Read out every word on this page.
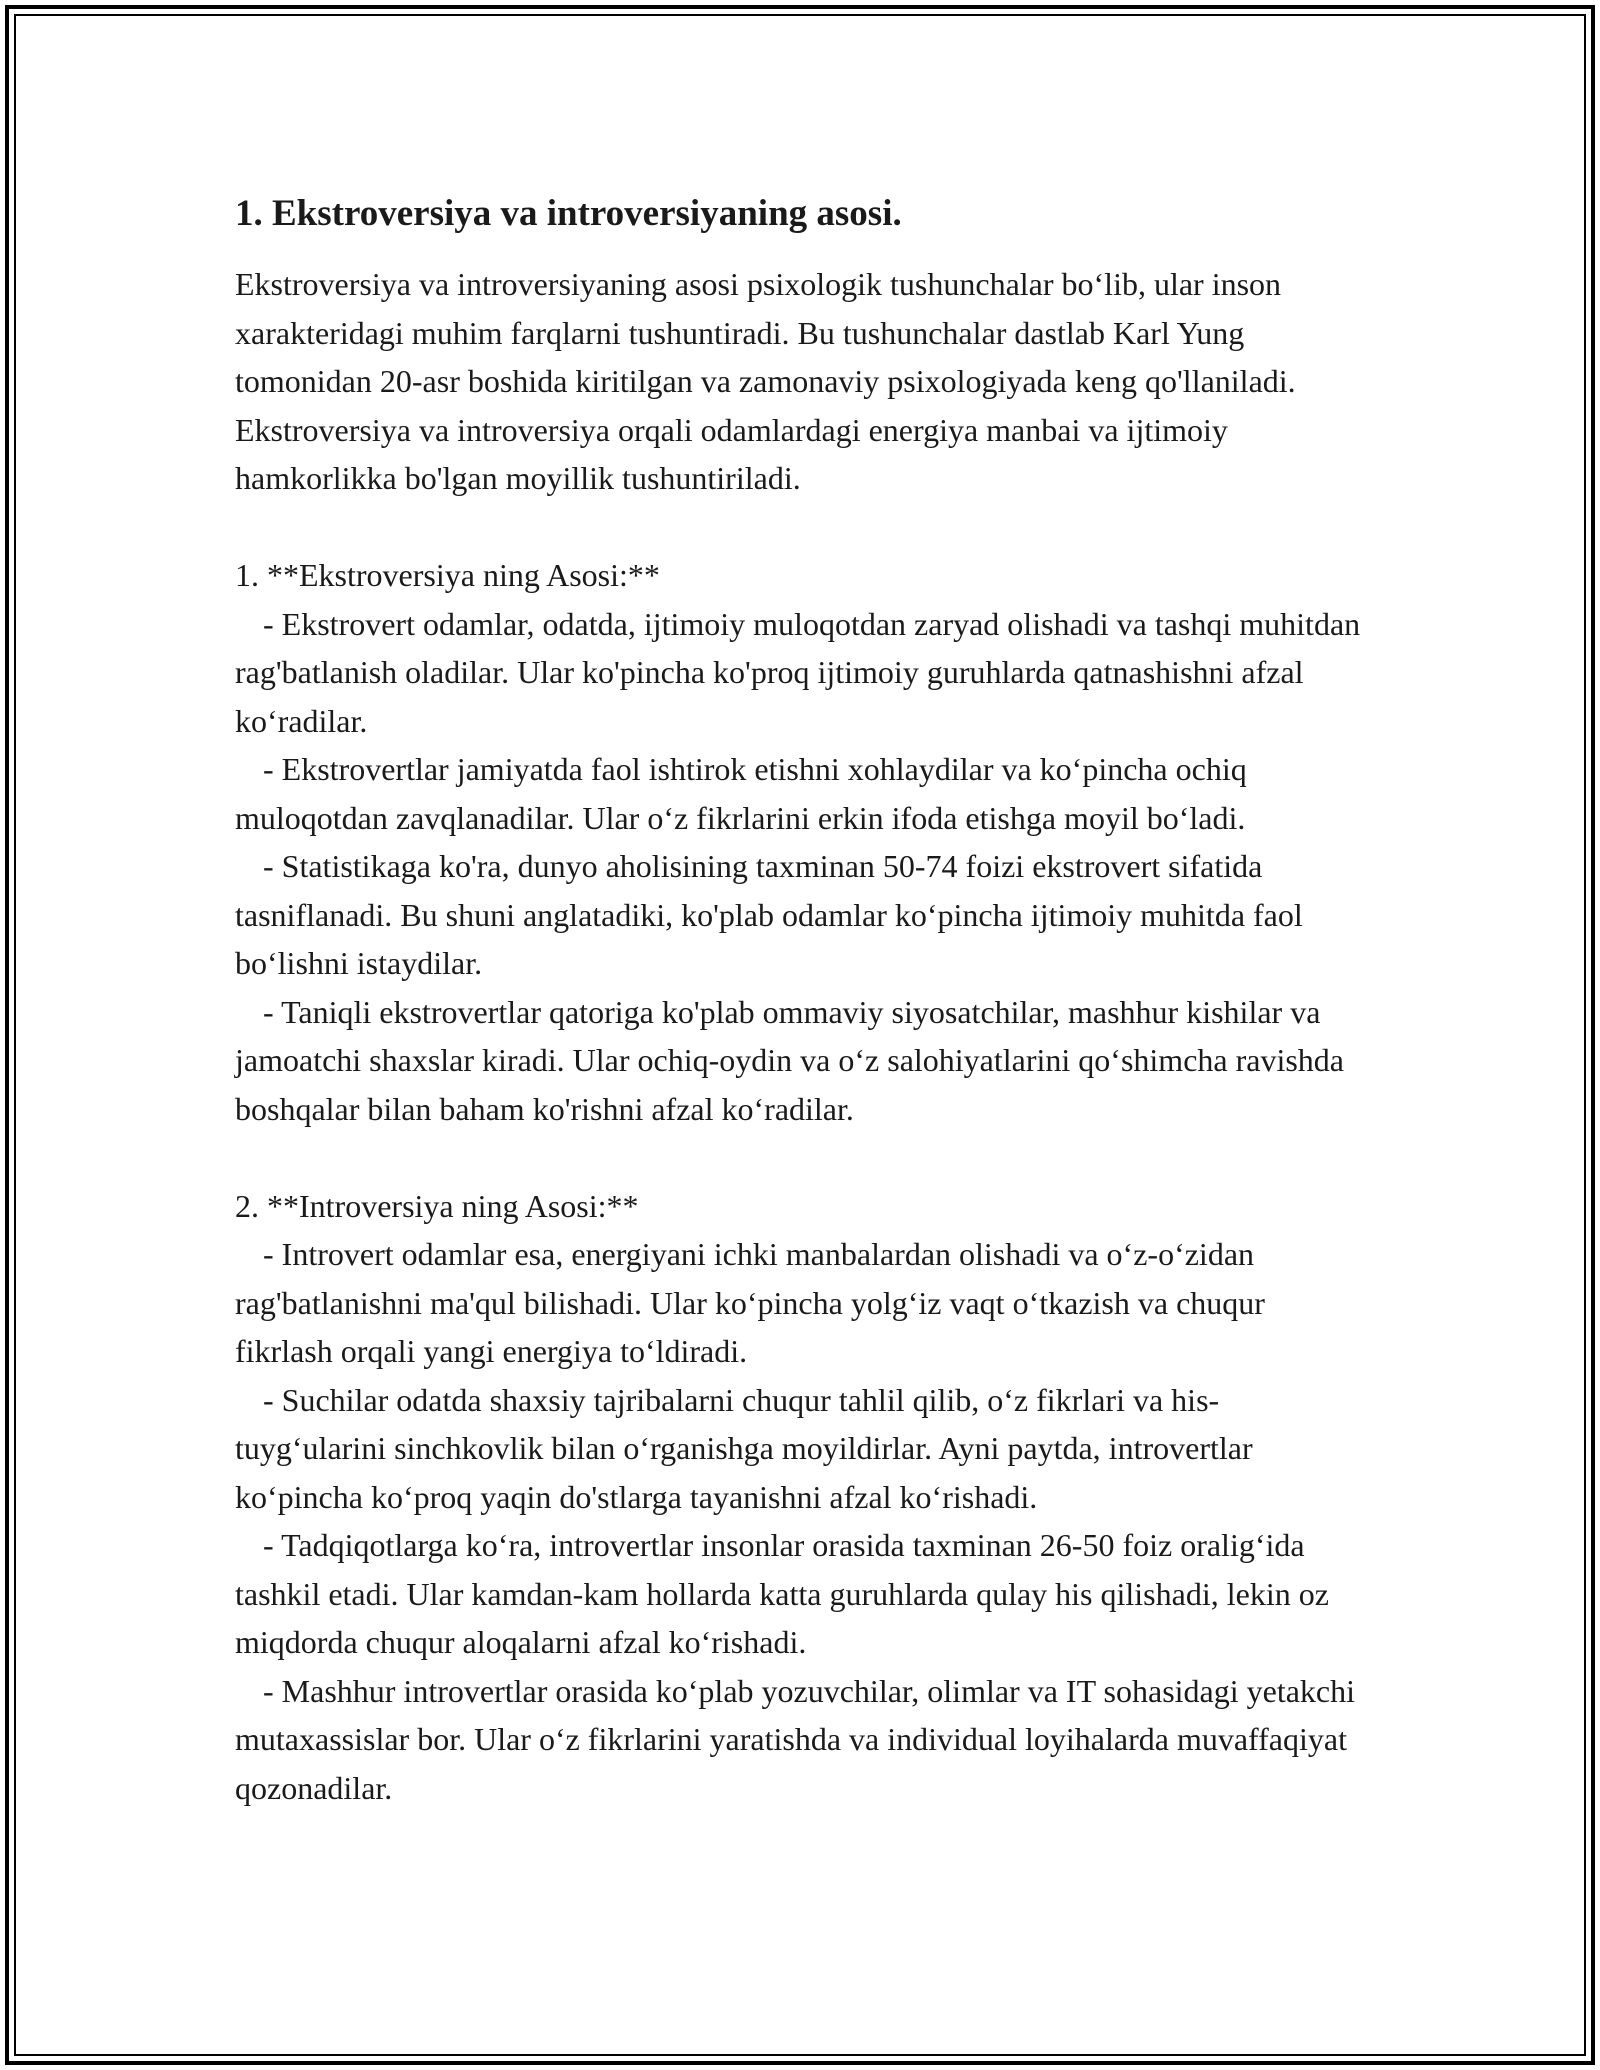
1. Ekstroversiya va introversiyaning asosi.

Ekstroversiya va introversiyaning asosi psixologik tushunchalar bo‘lib, ular inson xarakteridagi muhim farqlarni tushuntiradi. Bu tushunchalar dastlab Karl Yung tomonidan 20-asr boshida kiritilgan va zamonaviy psixologiyada keng qo'llaniladi. Ekstroversiya va introversiya orqali odamlardagi energiya manbai va ijtimoiy hamkorlikka bo'lgan moyillik tushuntiriladi.

1. **Ekstroversiya ning Asosi:**

- Ekstrovert odamlar, odatda, ijtimoiy muloqotdan zaryad olishadi va tashqi muhitdan rag'batlanish oladilar. Ular ko'pincha ko'proq ijtimoiy guruhlarda qatnashishni afzal ko‘radilar.

- Ekstrovertlar jamiyatda faol ishtirok etishni xohlaydilar va ko‘pincha ochiq muloqotdan zavqlanadilar. Ular o‘z fikrlarini erkin ifoda etishga moyil bo‘ladi.

- Statistikaga ko'ra, dunyo aholisining taxminan 50-74 foizi ekstrovert sifatida tasniflanadi. Bu shuni anglatadiki, ko'plab odamlar ko‘pincha ijtimoiy muhitda faol bo‘lishni istaydilar.

- Taniqli ekstrovertlar qatoriga ko'plab ommaviy siyosatchilar, mashhur kishilar va jamoatchi shaxslar kiradi. Ular ochiq-oydin va o‘z salohiyatlarini qo‘shimcha ravishda boshqalar bilan baham ko'rishni afzal ko‘radilar.

2. **Introversiya ning Asosi:**

- Introvert odamlar esa, energiyani ichki manbalardan olishadi va o‘z-o‘zidan rag'batlanishni ma'qul bilishadi. Ular ko‘pincha yolg‘iz vaqt o‘tkazish va chuqur fikrlash orqali yangi energiya to‘ldiradi.

- Suchilar odatda shaxsiy tajribalarni chuqur tahlil qilib, o‘z fikrlari va his-tuyg‘ularini sinchkovlik bilan o‘rganishga moyildirlar. Ayni paytda, introvertlar ko‘pincha ko‘proq yaqin do'stlarga tayanishni afzal ko‘rishadi.

- Tadqiqotlarga ko‘ra, introvertlar insonlar orasida taxminan 26-50 foiz oralig‘ida tashkil etadi. Ular kamdan-kam hollarda katta guruhlarda qulay his qilishadi, lekin oz miqdorda chuqur aloqalarni afzal ko‘rishadi.

- Mashhur introvertlar orasida ko‘plab yozuvchilar, olimlar va IT sohasidagi yetakchi mutaxassislar bor. Ular o‘z fikrlarini yaratishda va individual loyihalarda muvaffaqiyat qozonadilar.
